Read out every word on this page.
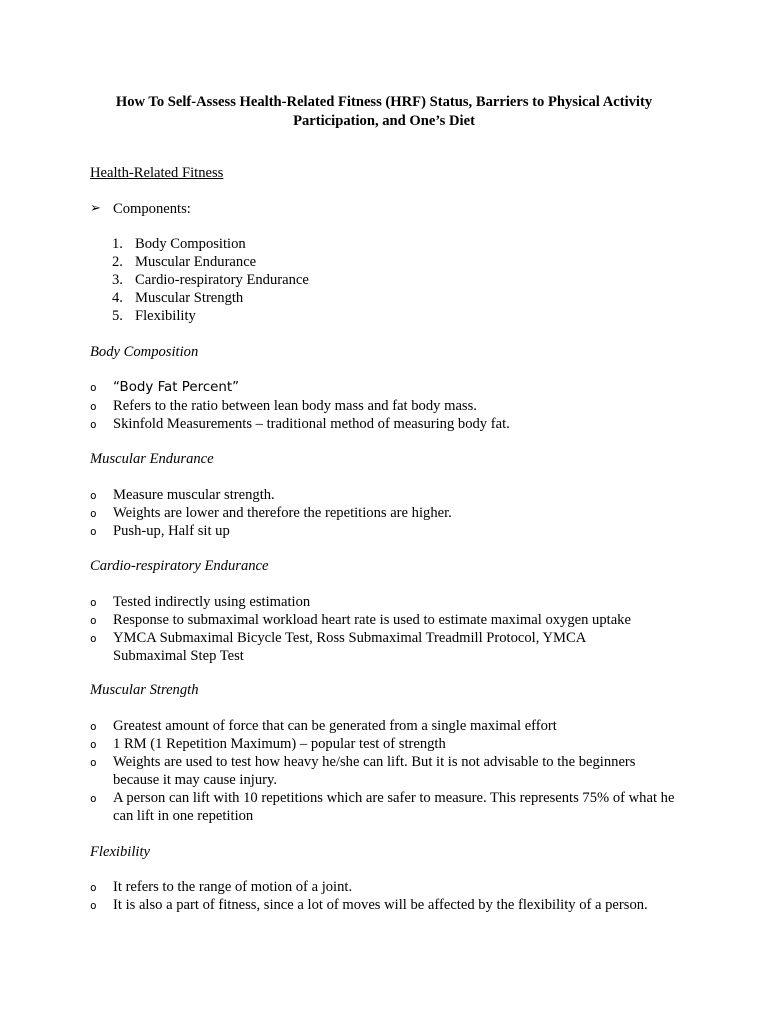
How To Self-Assess Health-Related Fitness (HRF) Status, Barriers to Physical Activity
Participation, and One’s Diet
Health-Related Fitness
➢ Components:
1. Body Composition
2. Muscular Endurance
3. Cardio-respiratory Endurance
4. Muscular Strength
5. Flexibility
Body Composition
o “Body Fat Percent”
o Refers to the ratio between lean body mass and fat body mass.
o Skinfold Measurements – traditional method of measuring body fat.
Muscular Endurance
o Measure muscular strength.
o Weights are lower and therefore the repetitions are higher.
o Push-up, Half sit up
Cardio-respiratory Endurance
o Tested indirectly using estimation
o Response to submaximal workload heart rate is used to estimate maximal oxygen uptake
o YMCA Submaximal Bicycle Test, Ross Submaximal Treadmill Protocol, YMCA Submaximal Step Test
Muscular Strength
o Greatest amount of force that can be generated from a single maximal effort
o 1 RM (1 Repetition Maximum) – popular test of strength
o Weights are used to test how heavy he/she can lift. But it is not advisable to the beginners because it may cause injury.
o A person can lift with 10 repetitions which are safer to measure. This represents 75% of what he can lift in one repetition
Flexibility
o It refers to the range of motion of a joint.
o It is also a part of fitness, since a lot of moves will be affected by the flexibility of a person.
